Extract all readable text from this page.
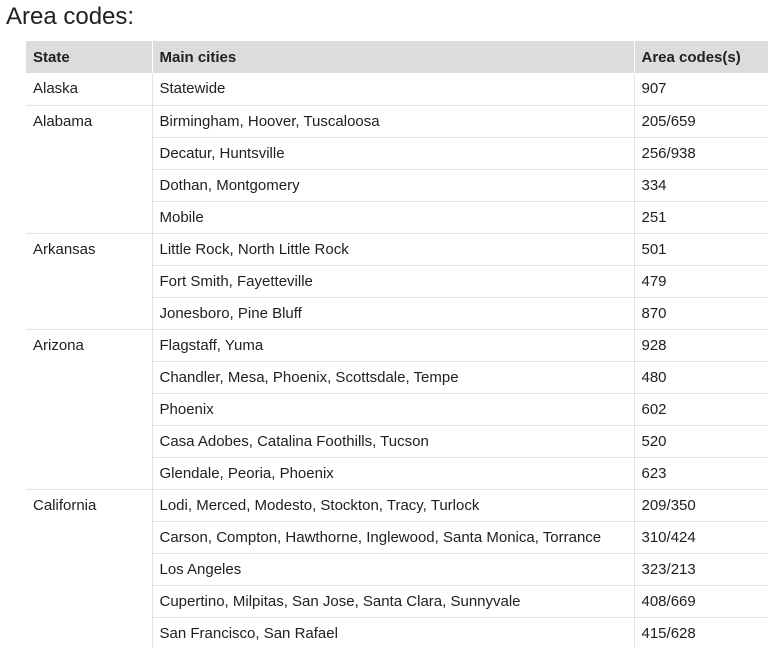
Area codes:
State	Main cities	Area codes(s)
Alaska	Statewide	907
Alabama	Birmingham, Hoover, Tuscaloosa	205/659
	Decatur, Huntsville	256/938
	Dothan, Montgomery	334
	Mobile	251
Arkansas	Little Rock, North Little Rock	501
	Fort Smith, Fayetteville	479
	Jonesboro, Pine Bluff	870
Arizona	Flagstaff, Yuma	928
	Chandler, Mesa, Phoenix, Scottsdale, Tempe	480
	Phoenix	602
	Casa Adobes, Catalina Foothills, Tucson	520
	Glendale, Peoria, Phoenix	623
California	Lodi, Merced, Modesto, Stockton, Tracy, Turlock	209/350
	Carson, Compton, Hawthorne, Inglewood, Santa Monica, Torrance	310/424
	Los Angeles	323/213
	Cupertino, Milpitas, San Jose, Santa Clara, Sunnyvale	408/669
	San Francisco, San Rafael	415/628
